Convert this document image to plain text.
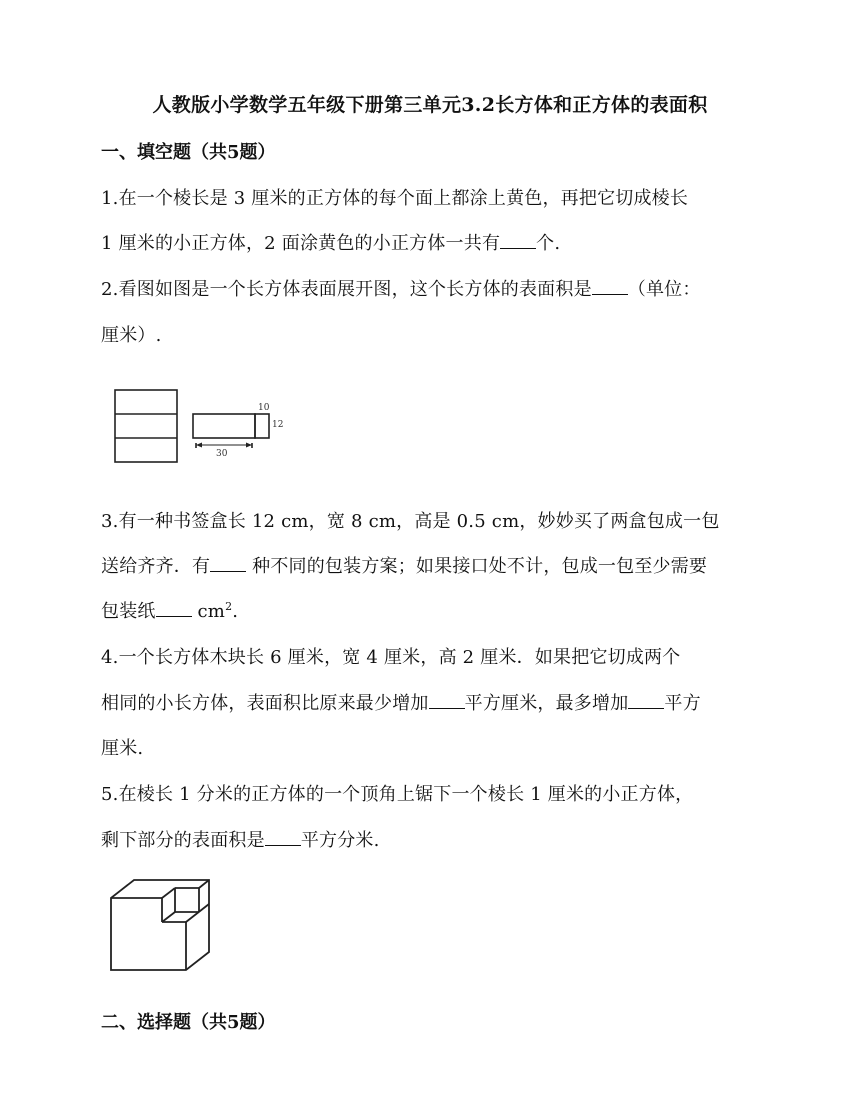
人教版小学数学五年级下册第三单元3.2长方体和正方体的表面积
一、填空题（共5题）
1.在一个棱长是 3 厘米的正方体的每个面上都涂上黄色，再把它切成棱长
1 厘米的小正方体，2 面涂黄色的小正方体一共有 个.
2.看图如图是一个长方体表面展开图，这个长方体的表面积是 （单位：
厘米）.
10
12
30
3.有一种书签盒长 12 cm，宽 8 cm，高是 0.5 cm，妙妙买了两盒包成一包
送给齐齐．有 种不同的包装方案；如果接口处不计，包成一包至少需要
包装纸 $cm^2$.
4.一个长方体木块长 6 厘米，宽 4 厘米，高 2 厘米．如果把它切成两个
相同的小长方体，表面积比原来最少增加 平方厘米，最多增加 平方
厘米.
5.在棱长 1 分米的正方体的一个顶角上锯下一个棱长 1 厘米的小正方体，
剩下部分的表面积是 平方分米.
二、选择题（共5题）
